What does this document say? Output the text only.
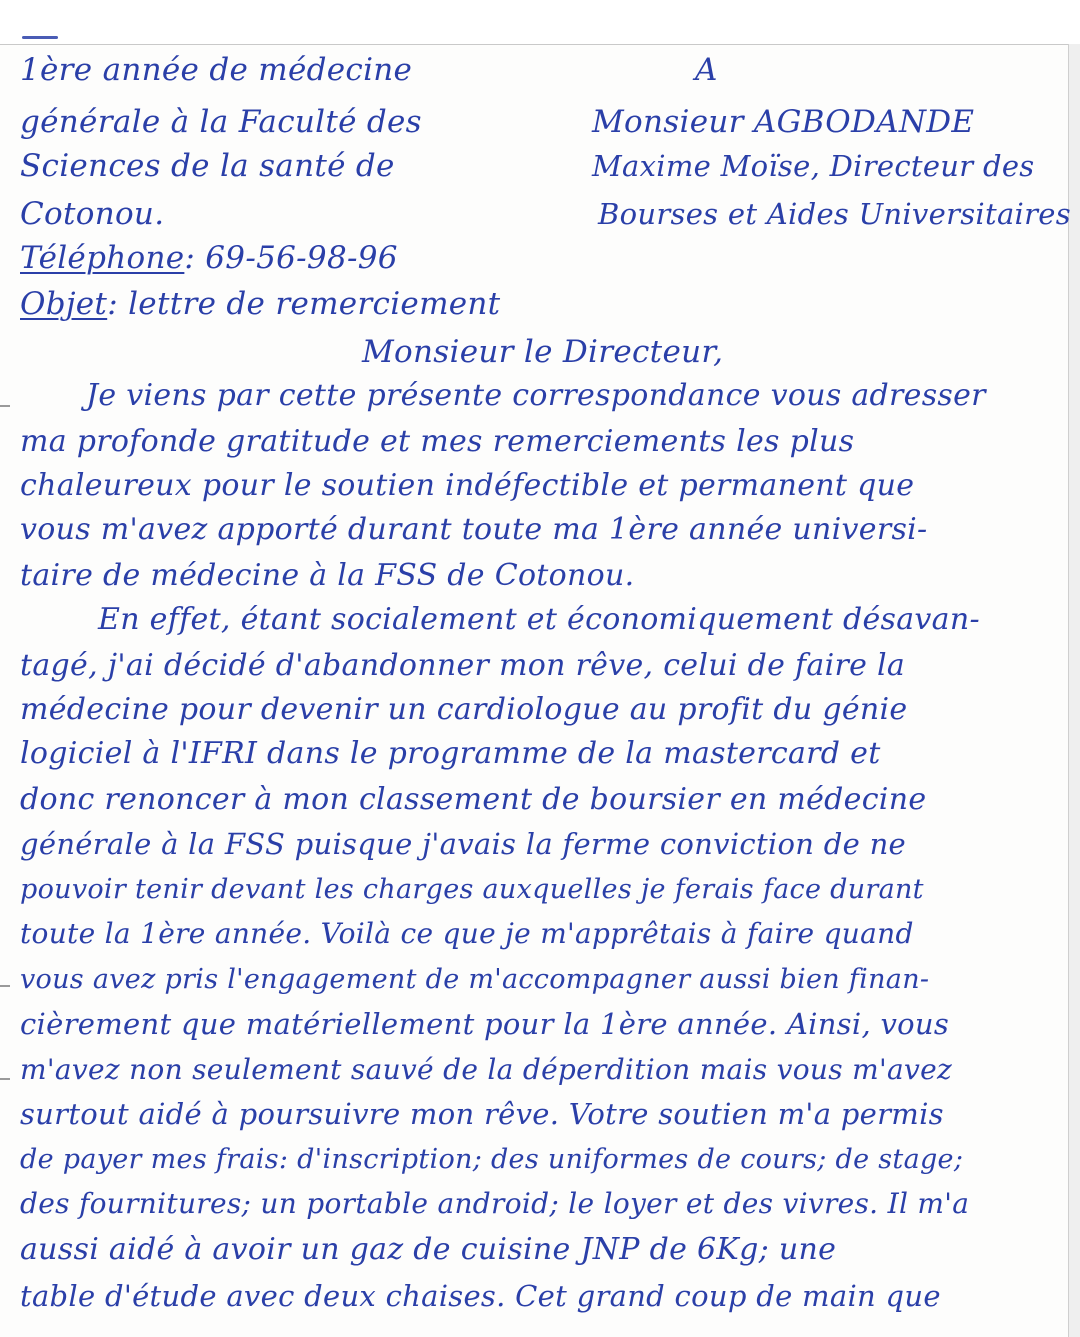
1ère année de médecine
générale à la Faculté des
Sciences de la santé de
Cotonou.
Téléphone: 69-56-98-96
Objet: lettre de remerciement
A
Monsieur AGBODANDE
Maxime Moïse, Directeur des
Bourses et Aides Universitaires
Monsieur le Directeur,
Je viens par cette présente correspondance vous adresser
ma profonde gratitude et mes remerciements les plus
chaleureux pour le soutien indéfectible et permanent que
vous m'avez apporté durant toute ma 1ère année universi-
taire de médecine à la FSS de Cotonou.
En effet, étant socialement et économiquement désavan-
tagé, j'ai décidé d'abandonner mon rêve, celui de faire la
médecine pour devenir un cardiologue au profit du génie
logiciel à l'IFRI dans le programme de la mastercard et
donc renoncer à mon classement de boursier en médecine
générale à la FSS puisque j'avais la ferme conviction de ne
pouvoir tenir devant les charges auxquelles je ferais face durant
toute la 1ère année. Voilà ce que je m'apprêtais à faire quand
vous avez pris l'engagement de m'accompagner aussi bien finan-
cièrement que matériellement pour la 1ère année. Ainsi, vous
m'avez non seulement sauvé de la déperdition mais vous m'avez
surtout aidé à poursuivre mon rêve. Votre soutien m'a permis
de payer mes frais: d'inscription; des uniformes de cours; de stage;
des fournitures; un portable android; le loyer et des vivres. Il m'a
aussi aidé à avoir un gaz de cuisine JNP de 6Kg; une
table d'étude avec deux chaises. Cet grand coup de main que
